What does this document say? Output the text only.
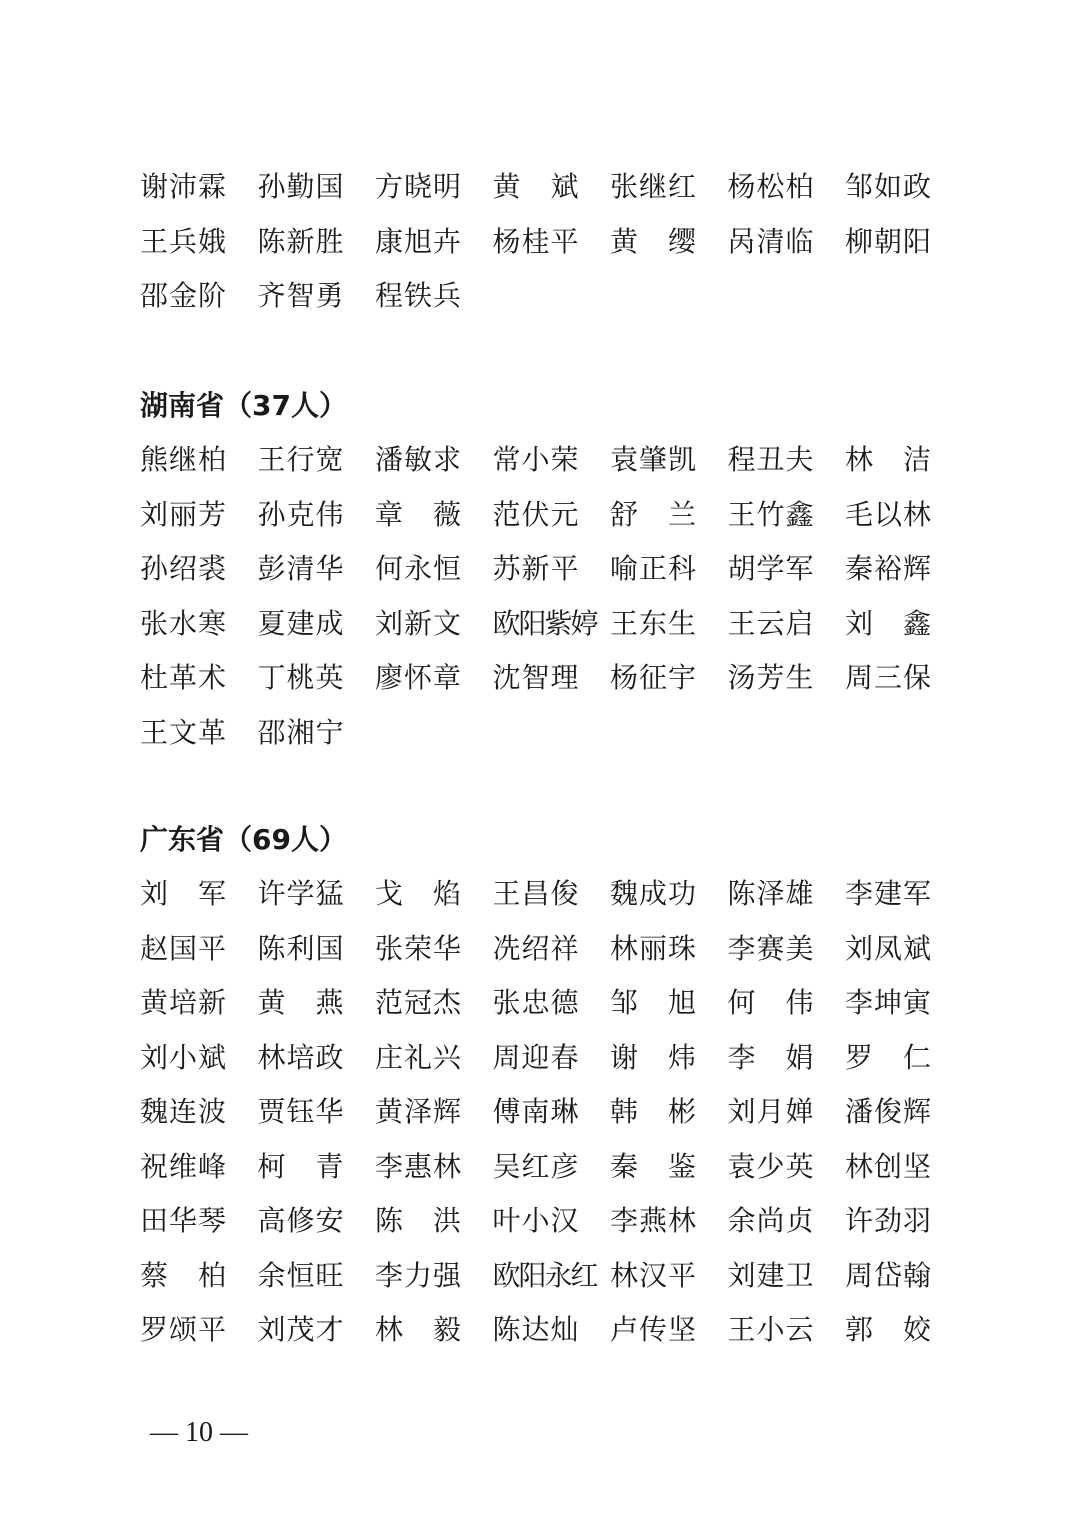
谢沛霖 孙勤国 方晓明 黄　斌 张继红 杨松柏 邹如政
王兵娥 陈新胜 康旭卉 杨桂平 黄　缨 呙清临 柳朝阳
邵金阶 齐智勇 程铁兵
湖南省（37人）
熊继柏 王行宽 潘敏求 常小荣 袁肇凯 程丑夫 林　洁
刘丽芳 孙克伟 章　薇 范伏元 舒　兰 王竹鑫 毛以林
孙绍裘 彭清华 何永恒 苏新平 喻正科 胡学军 秦裕辉
张水寒 夏建成 刘新文 欧阳紫婷 王东生 王云启 刘　鑫
杜革术 丁桃英 廖怀章 沈智理 杨征宇 汤芳生 周三保
王文革 邵湘宁
广东省（69人）
刘　军 许学猛 戈　焰 王昌俊 魏成功 陈泽雄 李建军
赵国平 陈利国 张荣华 冼绍祥 林丽珠 李赛美 刘凤斌
黄培新 黄　燕 范冠杰 张忠德 邹　旭 何　伟 李坤寅
刘小斌 林培政 庄礼兴 周迎春 谢　炜 李　娟 罗　仁
魏连波 贾钰华 黄泽辉 傅南琳 韩　彬 刘月婵 潘俊辉
祝维峰 柯　青 李惠林 吴红彦 秦　鉴 袁少英 林创坚
田华琴 高修安 陈　洪 叶小汉 李燕林 余尚贞 许劲羽
蔡　柏 余恒旺 李力强 欧阳永红 林汉平 刘建卫 周岱翰
罗颂平 刘茂才 林　毅 陈达灿 卢传坚 王小云 郭　姣
— 10 —
